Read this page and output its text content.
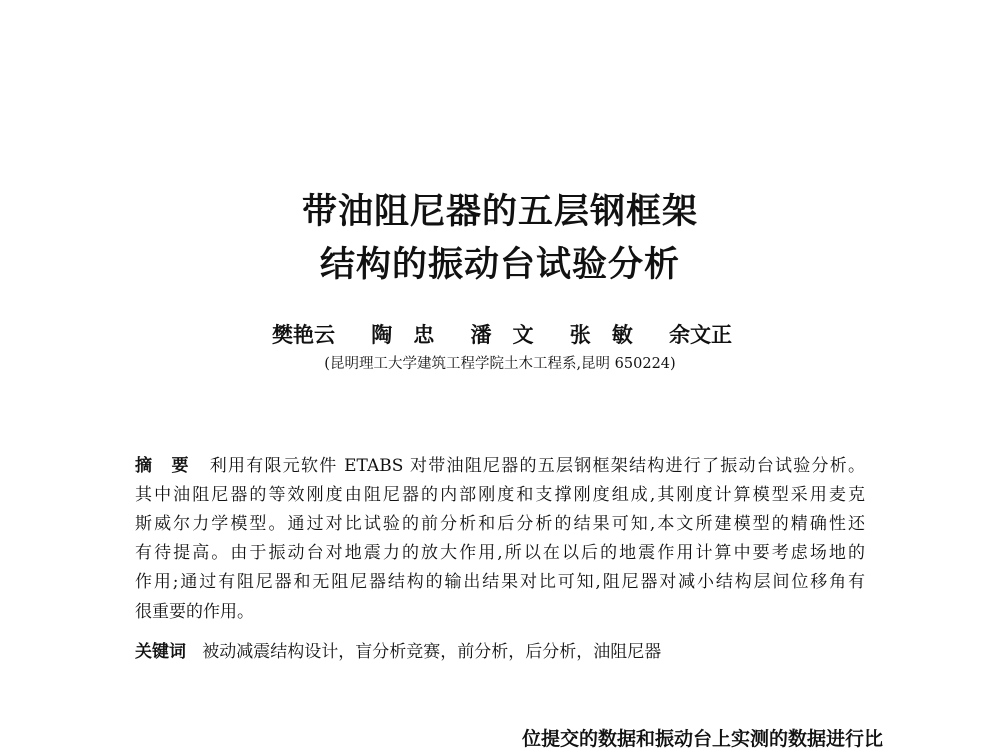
带油阻尼器的五层钢框架
结构的振动台试验分析
樊艳云 陶　忠 潘　文 张　敏 余文正
(昆明理工大学建筑工程学院土木工程系,昆明 650224)
摘　要 利用有限元软件 ETABS 对带油阻尼器的五层钢框架结构进行了振动台试验分析。
其中油阻尼器的等效刚度由阻尼器的内部刚度和支撑刚度组成,其刚度计算模型采用麦克
斯威尔力学模型。通过对比试验的前分析和后分析的结果可知,本文所建模型的精确性还
有待提高。由于振动台对地震力的放大作用,所以在以后的地震作用计算中要考虑场地的
作用;通过有阻尼器和无阻尼器结构的输出结果对比可知,阻尼器对减小结构层间位移角有
很重要的作用。
关键词 被动减震结构设计，盲分析竞赛，前分析，后分析，油阻尼器
位提交的数据和振动台上实测的数据进行比
